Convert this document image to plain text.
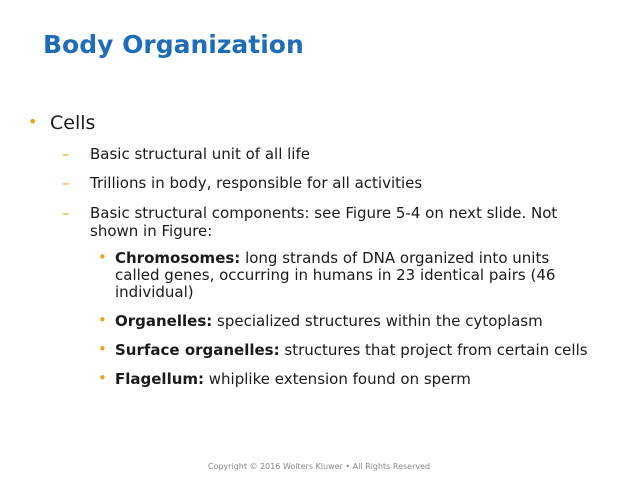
Body Organization
• Cells
– Basic structural unit of all life
– Trillions in body, responsible for all activities
– Basic structural components: see Figure 5-4 on next slide. Not shown in Figure:
• Chromosomes: long strands of DNA organized into units called genes, occurring in humans in 23 identical pairs (46 individual)
• Organelles: specialized structures within the cytoplasm
• Surface organelles: structures that project from certain cells
• Flagellum: whiplike extension found on sperm
Copyright © 2016 Wolters Kluwer • All Rights Reserved
